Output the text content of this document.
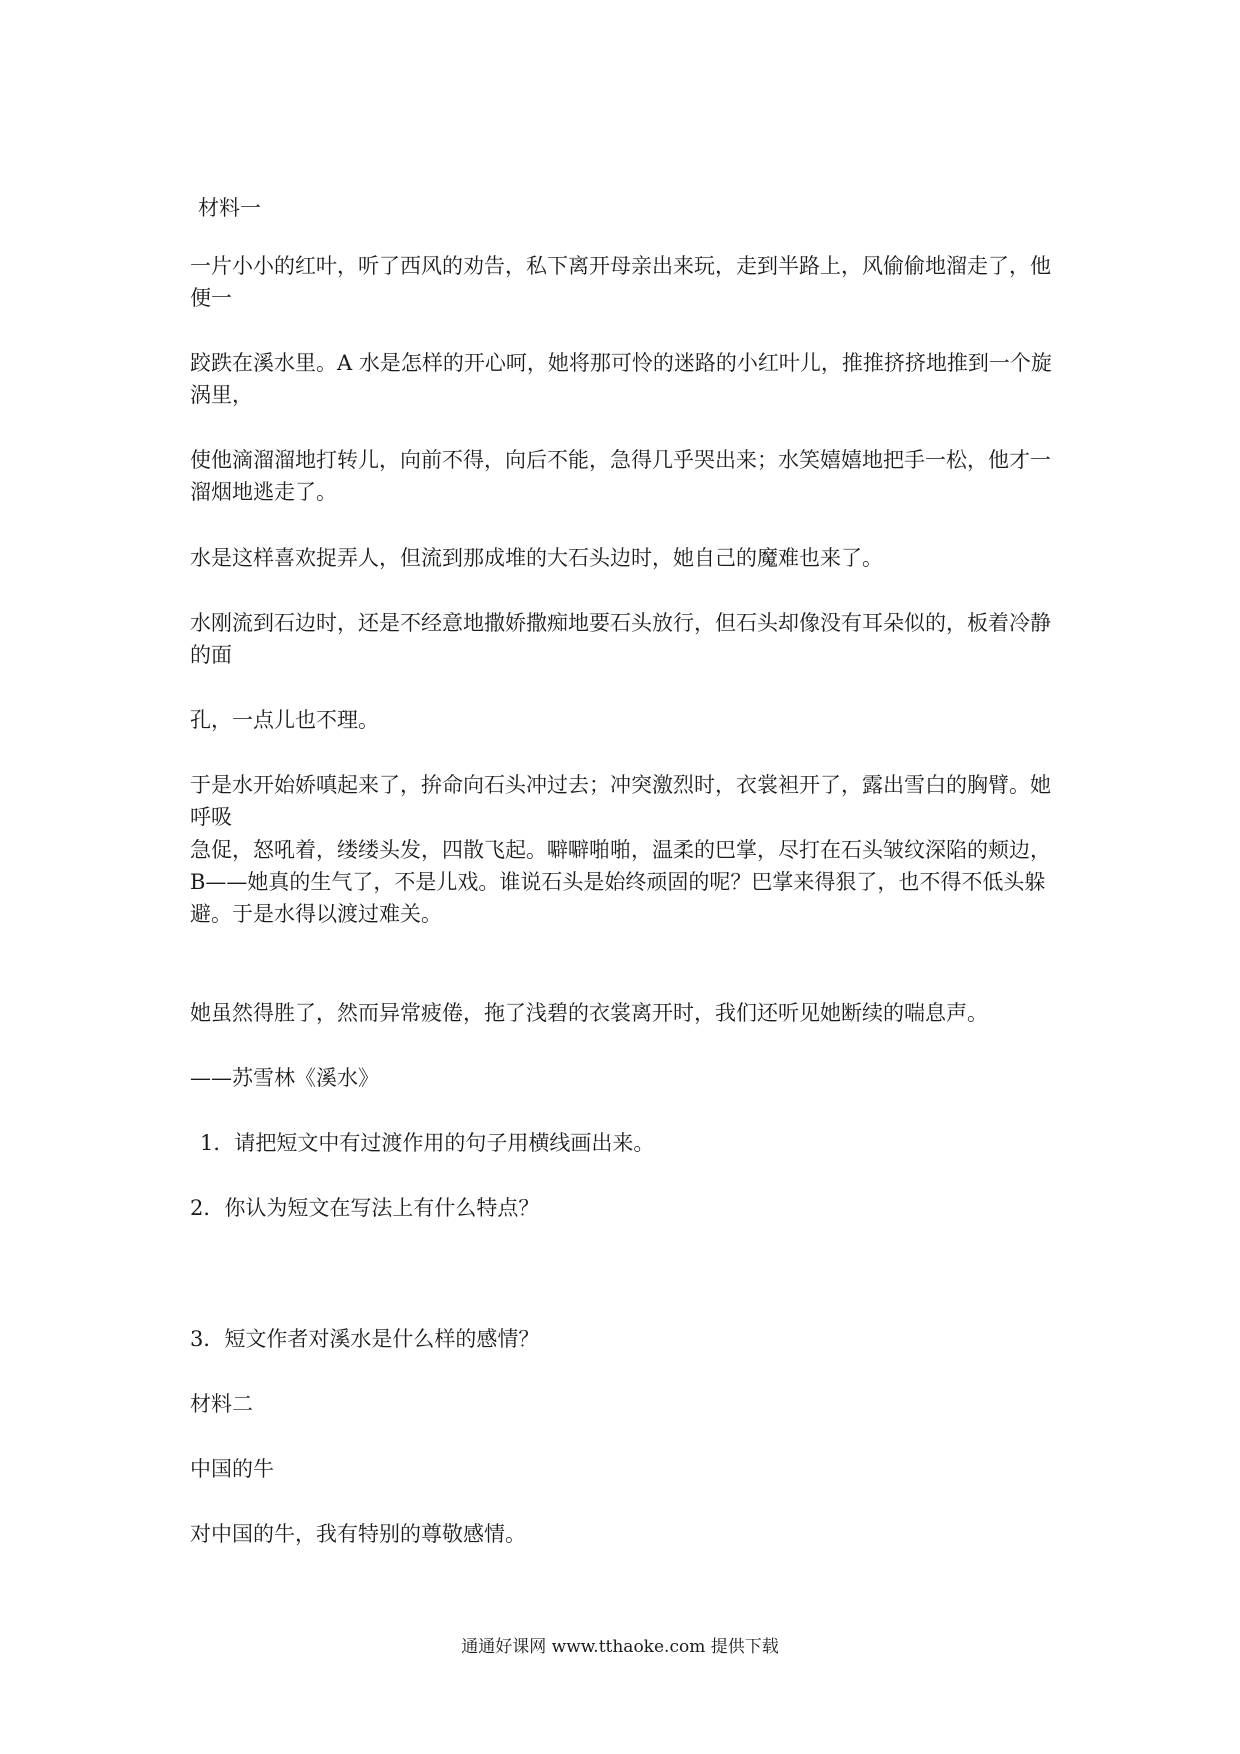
材料一
一片小小的红叶，听了西风的劝告，私下离开母亲出来玩，走到半路上，风偷偷地溜走了，他便一
跤跌在溪水里。A 水是怎样的开心呵，她将那可怜的迷路的小红叶儿，推推挤挤地推到一个旋涡里，
使他滴溜溜地打转儿，向前不得，向后不能，急得几乎哭出来；水笑嬉嬉地把手一松，他才一溜烟地逃走了。
水是这样喜欢捉弄人，但流到那成堆的大石头边时，她自己的魔难也来了。
水刚流到石边时，还是不经意地撒娇撒痴地要石头放行，但石头却像没有耳朵似的，板着冷静的面
孔，一点儿也不理。
于是水开始娇嗔起来了，拚命向石头冲过去；冲突激烈时，衣裳袒开了，露出雪白的胸臂。她呼吸
急促，怒吼着，缕缕头发，四散飞起。噼噼啪啪，温柔的巴掌，尽打在石头皱纹深陷的颊边，B——她真的生气了，不是儿戏。谁说石头是始终顽固的呢？巴掌来得狠了，也不得不低头躲避。于是水得以渡过难关。
她虽然得胜了，然而异常疲倦，拖了浅碧的衣裳离开时，我们还听见她断续的喘息声。
——苏雪林《溪水》
1．请把短文中有过渡作用的句子用横线画出来。
2．你认为短文在写法上有什么特点？
3．短文作者对溪水是什么样的感情？
材料二
中国的牛
对中国的牛，我有特别的尊敬感情。
通通好课网 www.tthaoke.com 提供下载
